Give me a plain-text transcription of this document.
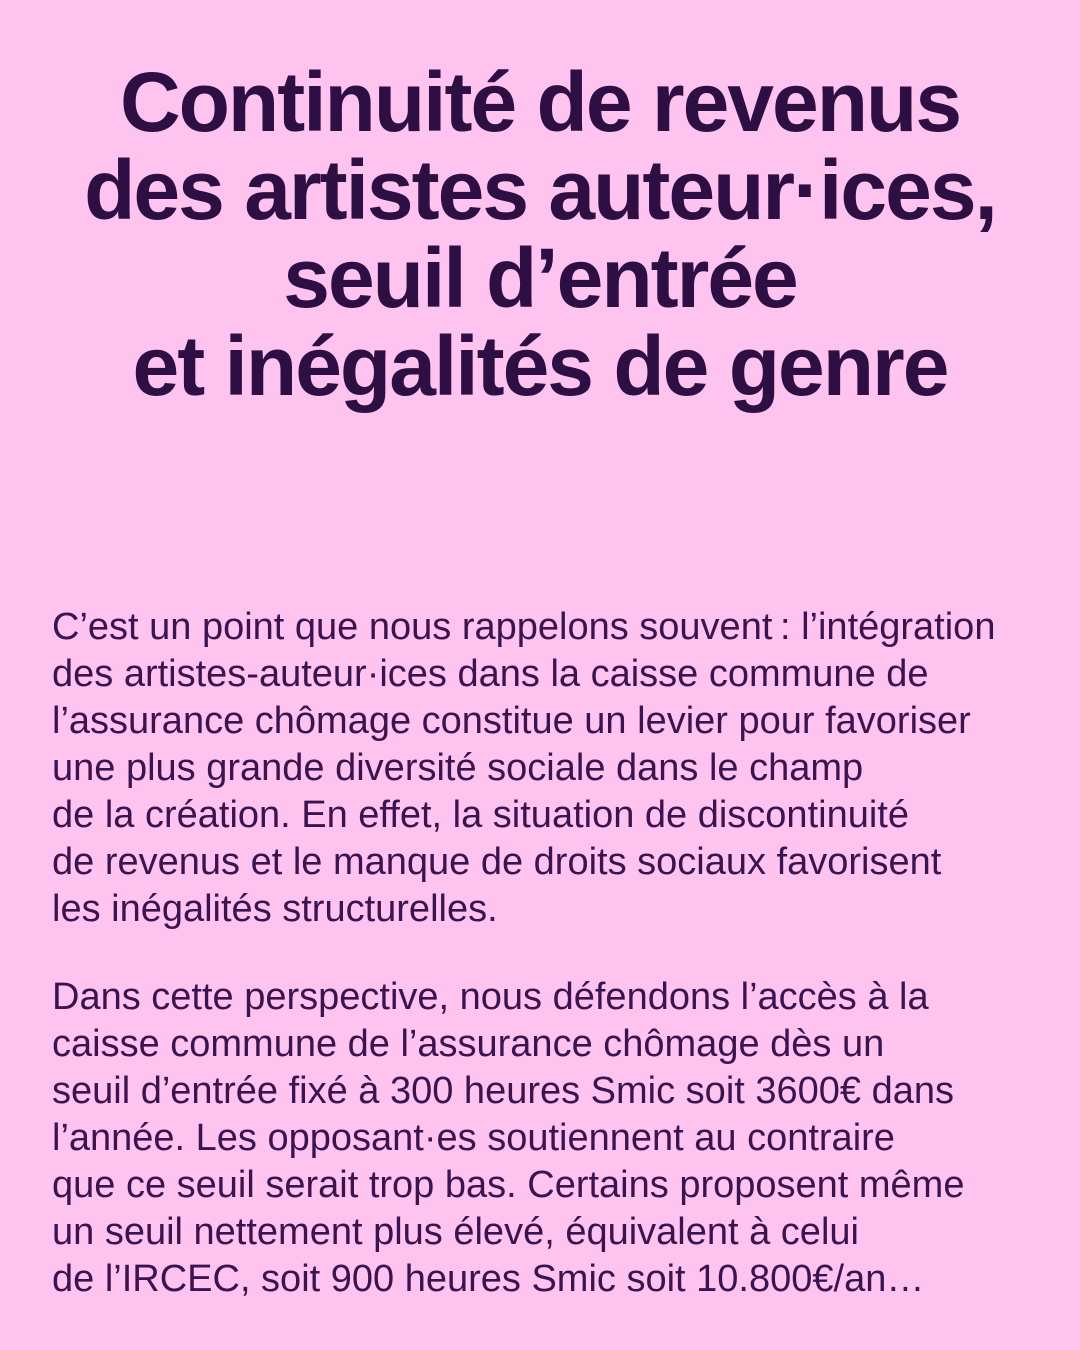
Continuité de revenus
des artistes auteur·ices,
seuil d’entrée
et inégalités de genre

C’est un point que nous rappelons souvent : l’intégration
des artistes-auteur·ices dans la caisse commune de
l’assurance chômage constitue un levier pour favoriser
une plus grande diversité sociale dans le champ
de la création. En effet, la situation de discontinuité
de revenus et le manque de droits sociaux favorisent
les inégalités structurelles.

Dans cette perspective, nous défendons l’accès à la
caisse commune de l’assurance chômage dès un
seuil d’entrée fixé à 300 heures Smic soit 3600€ dans
l’année. Les opposant·es soutiennent au contraire
que ce seuil serait trop bas. Certains proposent même
un seuil nettement plus élevé, équivalent à celui
de l’IRCEC, soit 900 heures Smic soit 10.800€/an…
